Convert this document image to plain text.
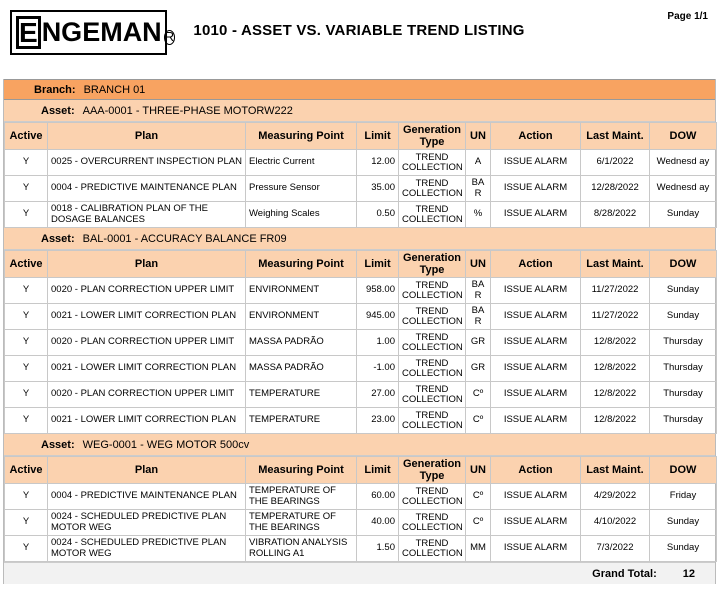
E NGEMAN R	1010 - ASSET VS. VARIABLE TREND LISTING
Page 1/1
Branch: BRANCH 01
Asset: AAA-0001 - THREE-PHASE MOTORW222
Active	Plan	Measuring Point	Limit	Generation Type	UN	Action	Last Maint.	DOW
Y	0025 - OVERCURRENT INSPECTION PLAN	Electric Current	12.00	TREND COLLECTION	A	ISSUE ALARM	6/1/2022	Wednesd ay
Y	0004 - PREDICTIVE MAINTENANCE PLAN	Pressure Sensor	35.00	TREND COLLECTION	BA R	ISSUE ALARM	12/28/2022	Wednesd ay
Y	0018 - CALIBRATION PLAN OF THE DOSAGE BALANCES	Weighing Scales	0.50	TREND COLLECTION	%	ISSUE ALARM	8/28/2022	Sunday
Asset: BAL-0001 - ACCURACY BALANCE FR09
Active	Plan	Measuring Point	Limit	Generation Type	UN	Action	Last Maint.	DOW
Y	0020 - PLAN CORRECTION UPPER LIMIT	ENVIRONMENT	958.00	TREND COLLECTION	BA R	ISSUE ALARM	11/27/2022	Sunday
Y	0021 - LOWER LIMIT CORRECTION PLAN	ENVIRONMENT	945.00	TREND COLLECTION	BA R	ISSUE ALARM	11/27/2022	Sunday
Y	0020 - PLAN CORRECTION UPPER LIMIT	MASSA PADRÃO	1.00	TREND COLLECTION	GR	ISSUE ALARM	12/8/2022	Thursday
Y	0021 - LOWER LIMIT CORRECTION PLAN	MASSA PADRÃO	-1.00	TREND COLLECTION	GR	ISSUE ALARM	12/8/2022	Thursday
Y	0020 - PLAN CORRECTION UPPER LIMIT	TEMPERATURE	27.00	TREND COLLECTION	Cº	ISSUE ALARM	12/8/2022	Thursday
Y	0021 - LOWER LIMIT CORRECTION PLAN	TEMPERATURE	23.00	TREND COLLECTION	Cº	ISSUE ALARM	12/8/2022	Thursday
Asset: WEG-0001 - WEG MOTOR 500cv
Active	Plan	Measuring Point	Limit	Generation Type	UN	Action	Last Maint.	DOW
Y	0004 - PREDICTIVE MAINTENANCE PLAN	TEMPERATURE OF THE BEARINGS	60.00	TREND COLLECTION	Cº	ISSUE ALARM	4/29/2022	Friday
Y	0024 - SCHEDULED PREDICTIVE PLAN MOTOR WEG	TEMPERATURE OF THE BEARINGS	40.00	TREND COLLECTION	Cº	ISSUE ALARM	4/10/2022	Sunday
Y	0024 - SCHEDULED PREDICTIVE PLAN MOTOR WEG	VIBRATION ANALYSIS ROLLING A1	1.50	TREND COLLECTION	MM	ISSUE ALARM	7/3/2022	Sunday
Grand Total: 12
